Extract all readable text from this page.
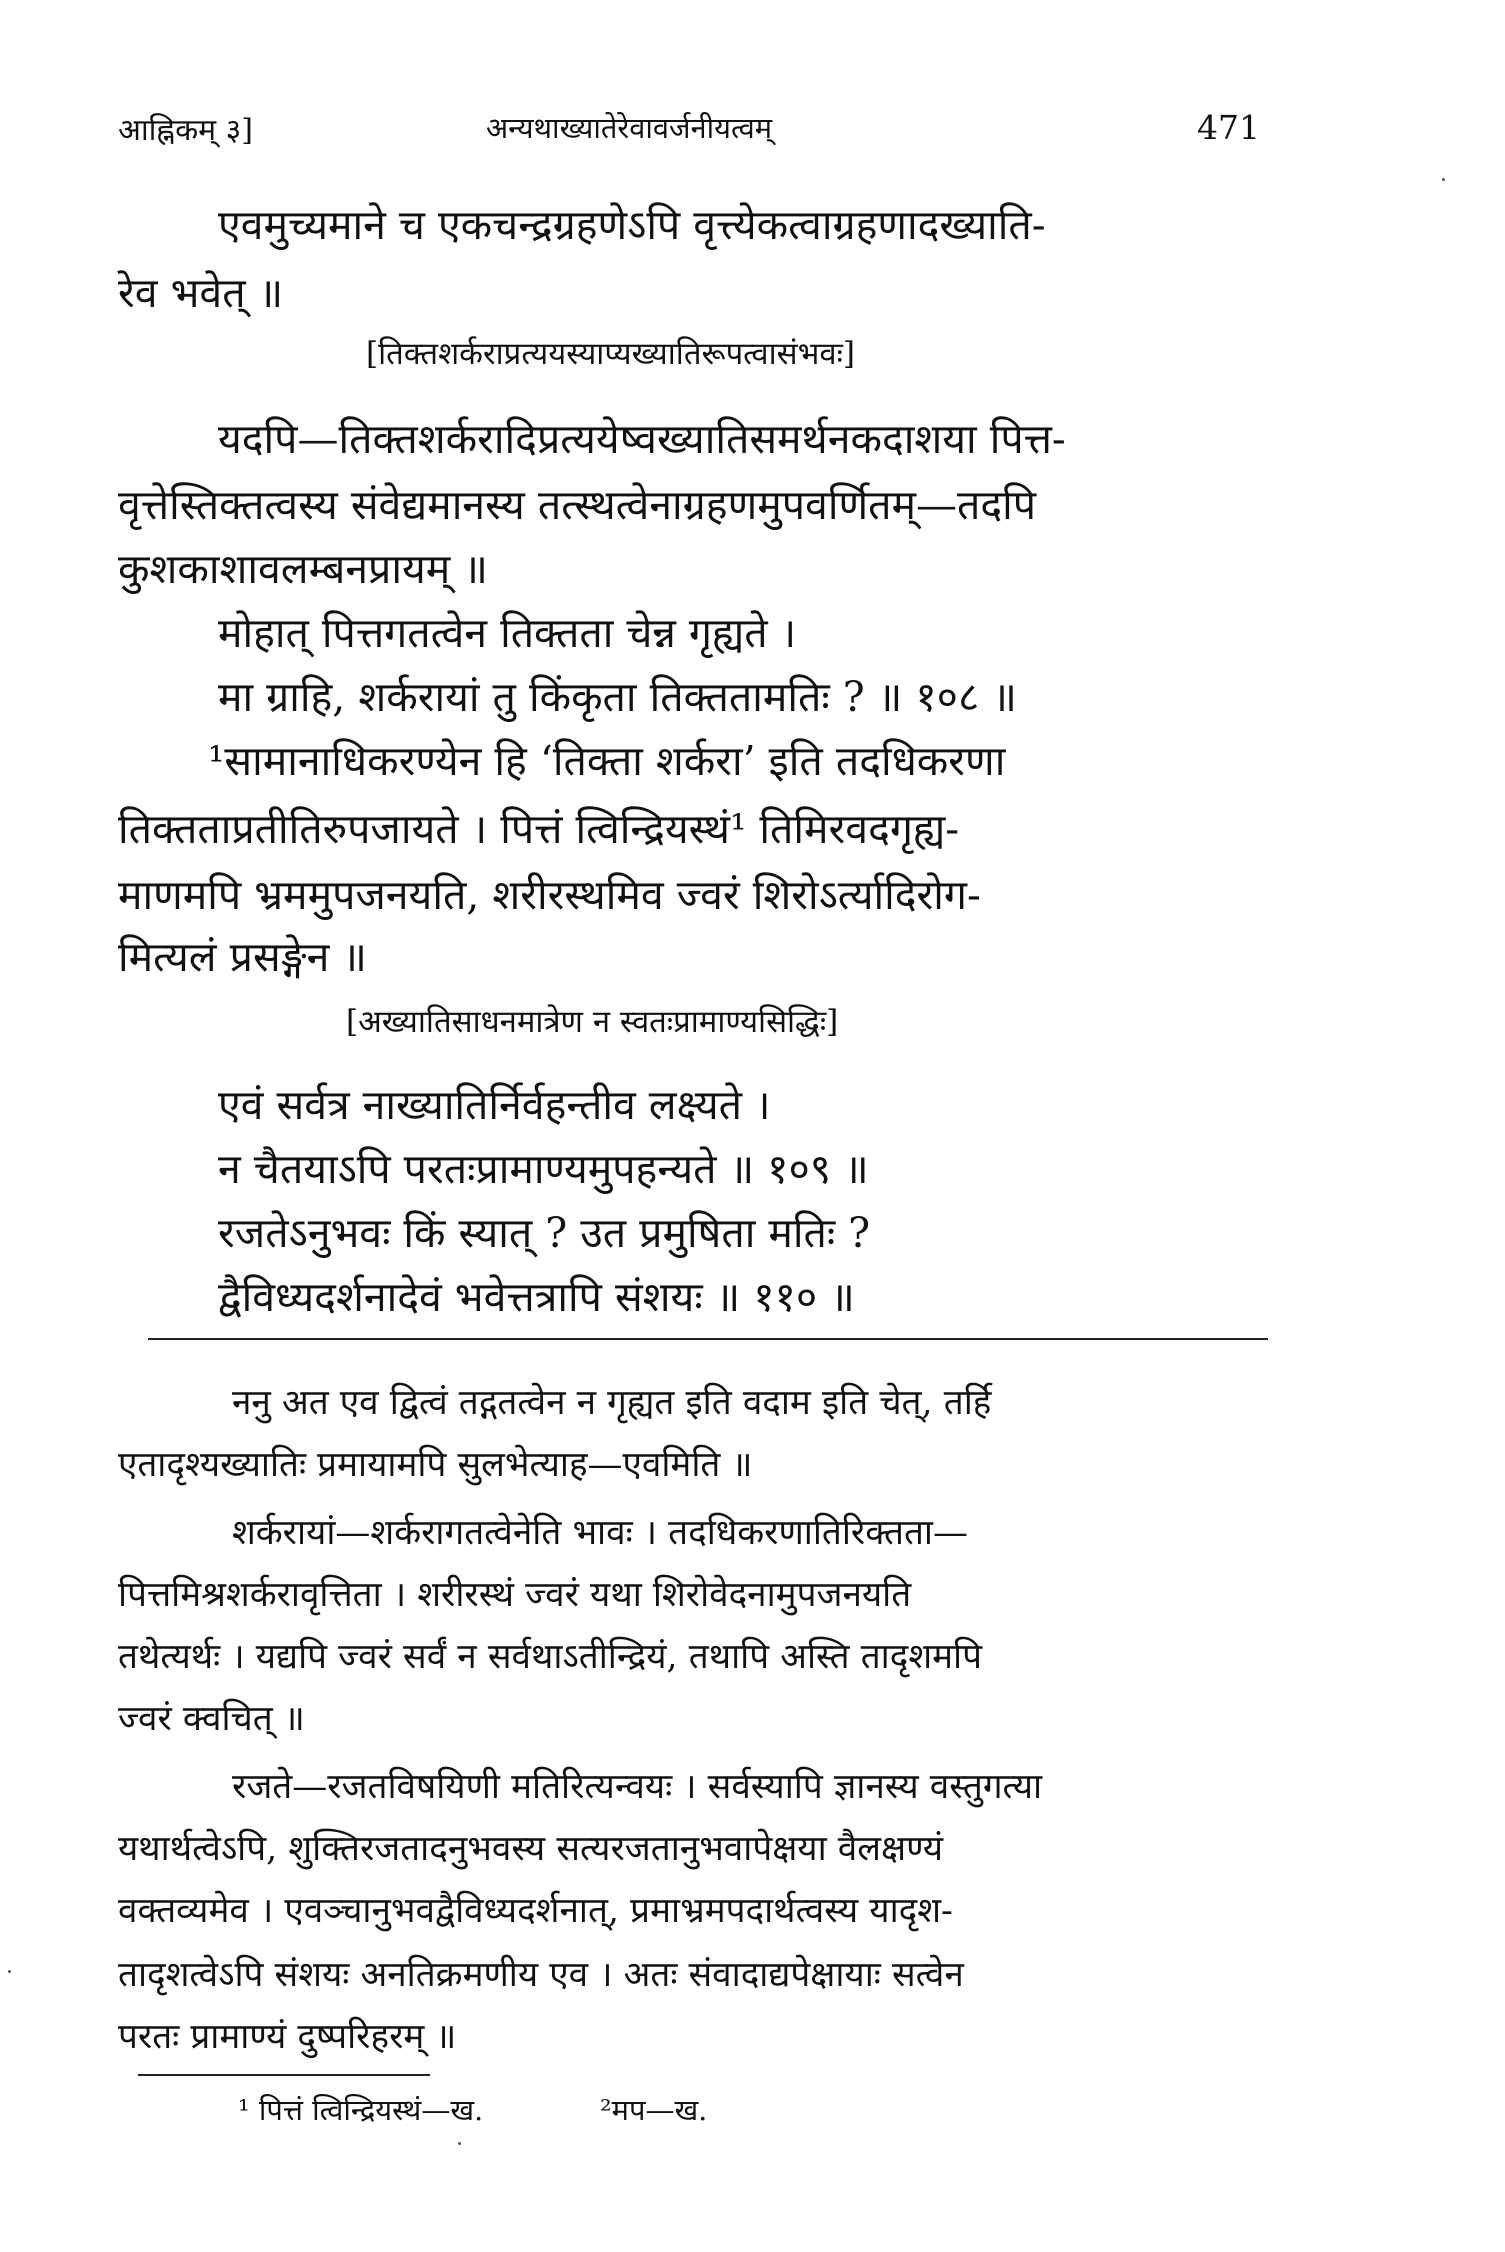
आह्निकम् ३]	अन्यथाख्यातेरेवावर्जनीयत्वम्	471
एवमुच्यमाने च एकचन्द्रग्रहणेऽपि वृत्त्येकत्वाग्रहणादख्याति-
रेव भवेत् ॥
[तिक्तशर्कराप्रत्ययस्याप्यख्यातिरूपत्वासंभवः]
यदपि—तिक्तशर्करादिप्रत्ययेष्वख्यातिसमर्थनकदाशया पित्त-
वृत्तेस्तिक्तत्वस्य संवेद्यमानस्य तत्स्थत्वेनाग्रहणमुपवर्णितम्—तदपि
कुशकाशावलम्बनप्रायम् ॥
मोहात् पित्तगतत्वेन तिक्तता चेन्न गृह्यते ।
मा ग्राहि, शर्करायां तु किंकृता तिक्ततामतिः ? ॥ १०८ ॥
¹सामानाधिकरण्येन हि ‘तिक्ता शर्करा’ इति तदधिकरणा
तिक्तताप्रतीतिरुपजायते । पित्तं त्विन्द्रियस्थं¹ तिमिरवदगृह्य-
माणमपि भ्रममुपजनयति, शरीरस्थमिव ज्वरं शिरोऽर्त्यादिरोग-
मित्यलं प्रसङ्गेन ॥
[अख्यातिसाधनमात्रेण न स्वतःप्रामाण्यसिद्धिः]
एवं सर्वत्र नाख्यातिर्निर्वहन्तीव लक्ष्यते ।
न चैतयाऽपि परतःप्रामाण्यमुपहन्यते ॥ १०९ ॥
रजतेऽनुभवः किं स्यात् ? उत प्रमुषिता मतिः ?
द्वैविध्यदर्शनादेवं भवेत्तत्रापि संशयः ॥ ११० ॥
ननु अत एव द्वित्वं तद्गतत्वेन न गृह्यत इति वदाम इति चेत्, तर्हि
एतादृश्यख्यातिः प्रमायामपि सुलभेत्याह—एवमिति ॥
शर्करायां—शर्करागतत्वेनेति भावः । तदधिकरणातिरिक्तता—
पित्तमिश्रशर्करावृत्तिता । शरीरस्थं ज्वरं यथा शिरोवेदनामुपजनयति
तथेत्यर्थः । यद्यपि ज्वरं सर्वं न सर्वथाऽतीन्द्रियं, तथापि अस्ति तादृशमपि
ज्वरं क्वचित् ॥
रजते—रजतविषयिणी मतिरित्यन्वयः । सर्वस्यापि ज्ञानस्य वस्तुगत्या
यथार्थत्वेऽपि, शुक्तिरजतादनुभवस्य सत्यरजतानुभवापेक्षया वैलक्षण्यं
वक्तव्यमेव । एवञ्चानुभवद्वैविध्यदर्शनात्, प्रमाभ्रमपदार्थत्वस्य यादृश-
तादृशत्वेऽपि संशयः अनतिक्रमणीय एव । अतः संवादाद्यपेक्षायाः सत्वेन
परतः प्रामाण्यं दुष्परिहरम् ॥
¹ पित्तं त्विन्द्रियस्थं—ख.	²मप—ख.
